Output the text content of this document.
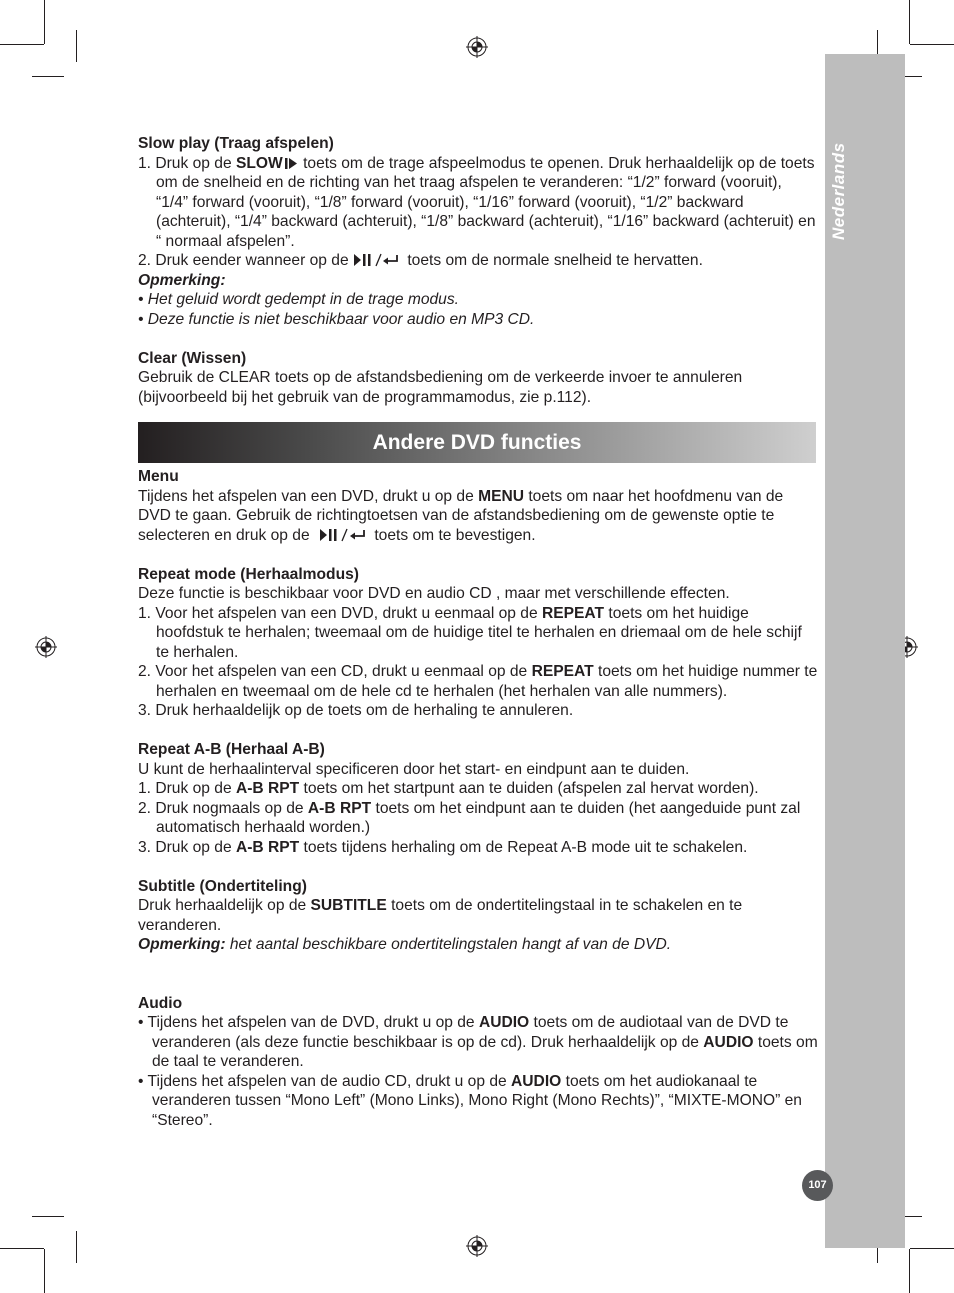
107

Slow play (Traag afspelen)

1. Druk op de SLOW toets om de trage afspeelmodus te openen. Druk herhaaldelijk op de toets om de snelheid en de richting van het traag afspelen te veranderen: “1/2” forward (vooruit), “1/4” forward (vooruit), “1/8” forward (vooruit), “1/16” forward (vooruit), “1/2” backward (achteruit), “1/4” backward (achteruit), “1/8” backward (achteruit), “1/16” backward (achteruit) en “ normaal afspelen”.

2. Druk eender wanneer op de	toets om de normale snelheid te hervatten.

Opmerking:

• Het geluid wordt gedempt in de trage modus.

• Deze functie is niet beschikbaar voor audio en MP3 CD.

Clear (Wissen)

Gebruik de CLEAR toets op de afstandsbediening om de verkeerde invoer te annuleren (bijvoorbeeld bij het gebruik van de programmamodus, zie p.112).

Andere DVD functies

Menu

Tijdens het afspelen van een DVD, drukt u op de MENU toets om naar het hoofdmenu van de DVD te gaan. Gebruik de richtingtoetsen van de afstandsbediening om de gewenste optie te selecteren en druk op de	toets om te bevestigen.

Repeat mode (Herhaalmodus)

Deze functie is beschikbaar voor DVD en audio CD , maar met verschillende effecten.

1. Voor het afspelen van een DVD, drukt u eenmaal op de REPEAT toets om het huidige hoofdstuk te herhalen; tweemaal om de huidige titel te herhalen en driemaal om de hele schijf te herhalen.

2. Voor het afspelen van een CD, drukt u eenmaal op de REPEAT toets om het huidige nummer te herhalen en tweemaal om de hele cd te herhalen (het herhalen van alle nummers).

3. Druk herhaaldelijk op de toets om de herhaling te annuleren.

Repeat A-B (Herhaal A-B)

U kunt de herhaalinterval specificeren door het start- en eindpunt aan te duiden.

1. Druk op de A-B RPT toets om het startpunt aan te duiden (afspelen zal hervat worden).

2. Druk nogmaals op de A-B RPT toets om het eindpunt aan te duiden (het aangeduide punt zal automatisch herhaald worden.)

3. Druk op de A-B RPT toets tijdens herhaling om de Repeat A-B mode uit te schakelen.

Subtitle (Ondertiteling)

Druk herhaaldelijk op de SUBTITLE toets om de ondertitelingstaal in te schakelen en te veranderen.

Opmerking: het aantal beschikbare ondertitelingstalen hangt af van de DVD.

Audio

• Tijdens het afspelen van de DVD, drukt u op de AUDIO toets om de audiotaal van de DVD te veranderen (als deze functie beschikbaar is op de cd). Druk herhaaldelijk op de AUDIO toets om de taal te veranderen.

• Tijdens het afspelen van de audio CD, drukt u op de AUDIO toets om het audiokanaal te veranderen tussen “Mono Left” (Mono Links), Mono Right (Mono Rechts)”, “MIXTE-MONO” en “Stereo”.
